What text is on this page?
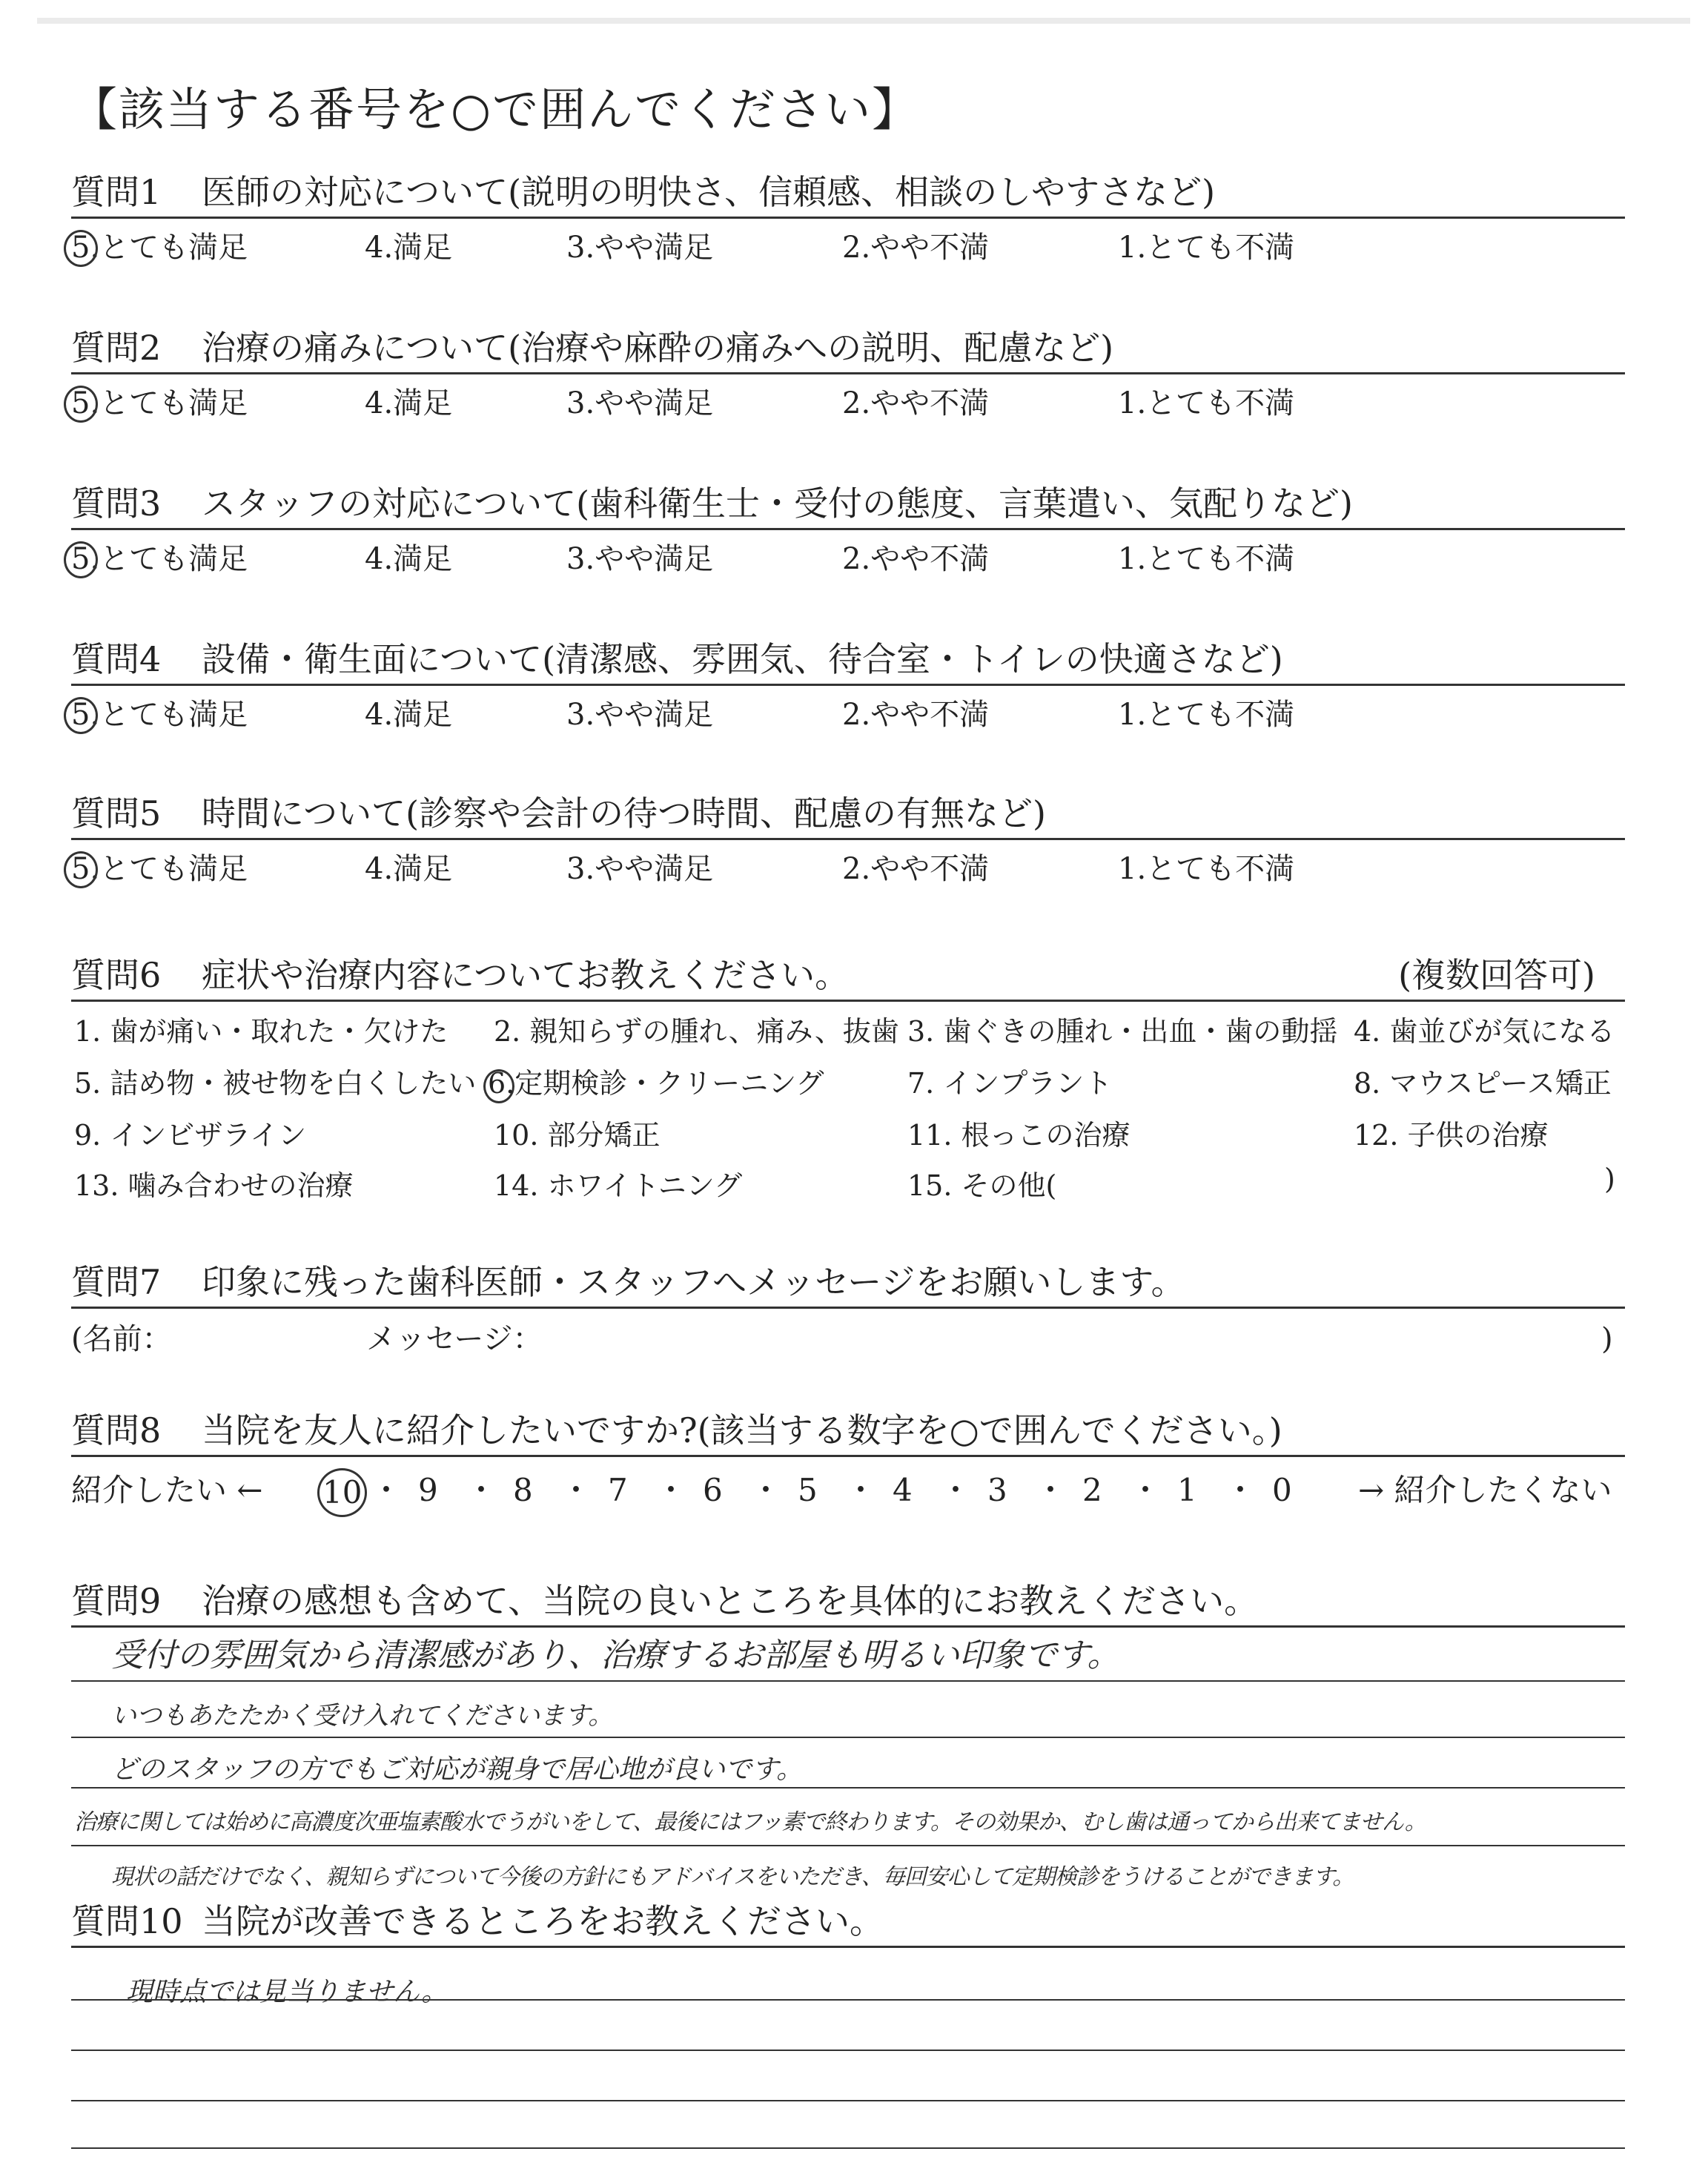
【該当する番号を○で囲んでください】
質問1 医師の対応について(説明の明快さ、信頼感、相談のしやすさなど)

5.とても満足	4.満足	3.やや満足	2.やや不満	1.とても不満
質問2 治療の痛みについて(治療や麻酔の痛みへの説明、配慮など)

5.とても満足	4.満足	3.やや満足	2.やや不満	1.とても不満
質問3 スタッフの対応について(歯科衛生士・受付の態度、言葉遣い、気配りなど)

5.とても満足	4.満足	3.やや満足	2.やや不満	1.とても不満
質問4 設備・衛生面について(清潔感、雰囲気、待合室・トイレの快適さなど)

5.とても満足	4.満足	3.やや満足	2.やや不満	1.とても不満
質問5 時間について(診察や会計の待つ時間、配慮の有無など)

5.とても満足	4.満足	3.やや満足	2.やや不満	1.とても不満
質問6 症状や治療内容についてお教えください。	(複数回答可)
1. 歯が痛い・取れた・欠けた 2. 親知らずの腫れ、痛み、抜歯 3. 歯ぐきの腫れ・出血・歯の動揺 4. 歯並びが気になる
5. 詰め物・被せ物を白くしたい 6.定期検診・クリーニング	7. インプラント	8. マウスピース矯正
9. インビザライン	10. 部分矯正	11. 根っこの治療	12. 子供の治療
13. 噛み合わせの治療	14. ホワイトニング	15. その他(	)
質問7 印象に残った歯科医師・スタッフへメッセージをお願いします。
(名前：	メッセージ：	)
質問8 当院を友人に紹介したいですか?(該当する数字を○で囲んでください。)
紹介したい ← 10 ・ 9 ・ 8 ・ 7 ・ 6 ・ 5 ・ 4 ・ 3 ・ 2 ・ 1 ・ 0 → 紹介したくない
質問9 治療の感想も含めて、当院の良いところを具体的にお教えください。
受付の雰囲気から清潔感があり、治療するお部屋も明るい印象です。
いつもあたたかく受け入れてくださいます。
どのスタッフの方でもご対応が親身で居心地が良いです。
治療に関しては始めに高濃度次亜塩素酸水でうがいをして、最後にはフッ素で終わります。その効果か、むし歯は通ってから出来てません。
現状の話だけでなく、親知らずについて今後の方針にもアドバイスをいただき、毎回安心して定期検診をうけることができます。
質問10 当院が改善できるところをお教えください。
現時点では見当りません。
